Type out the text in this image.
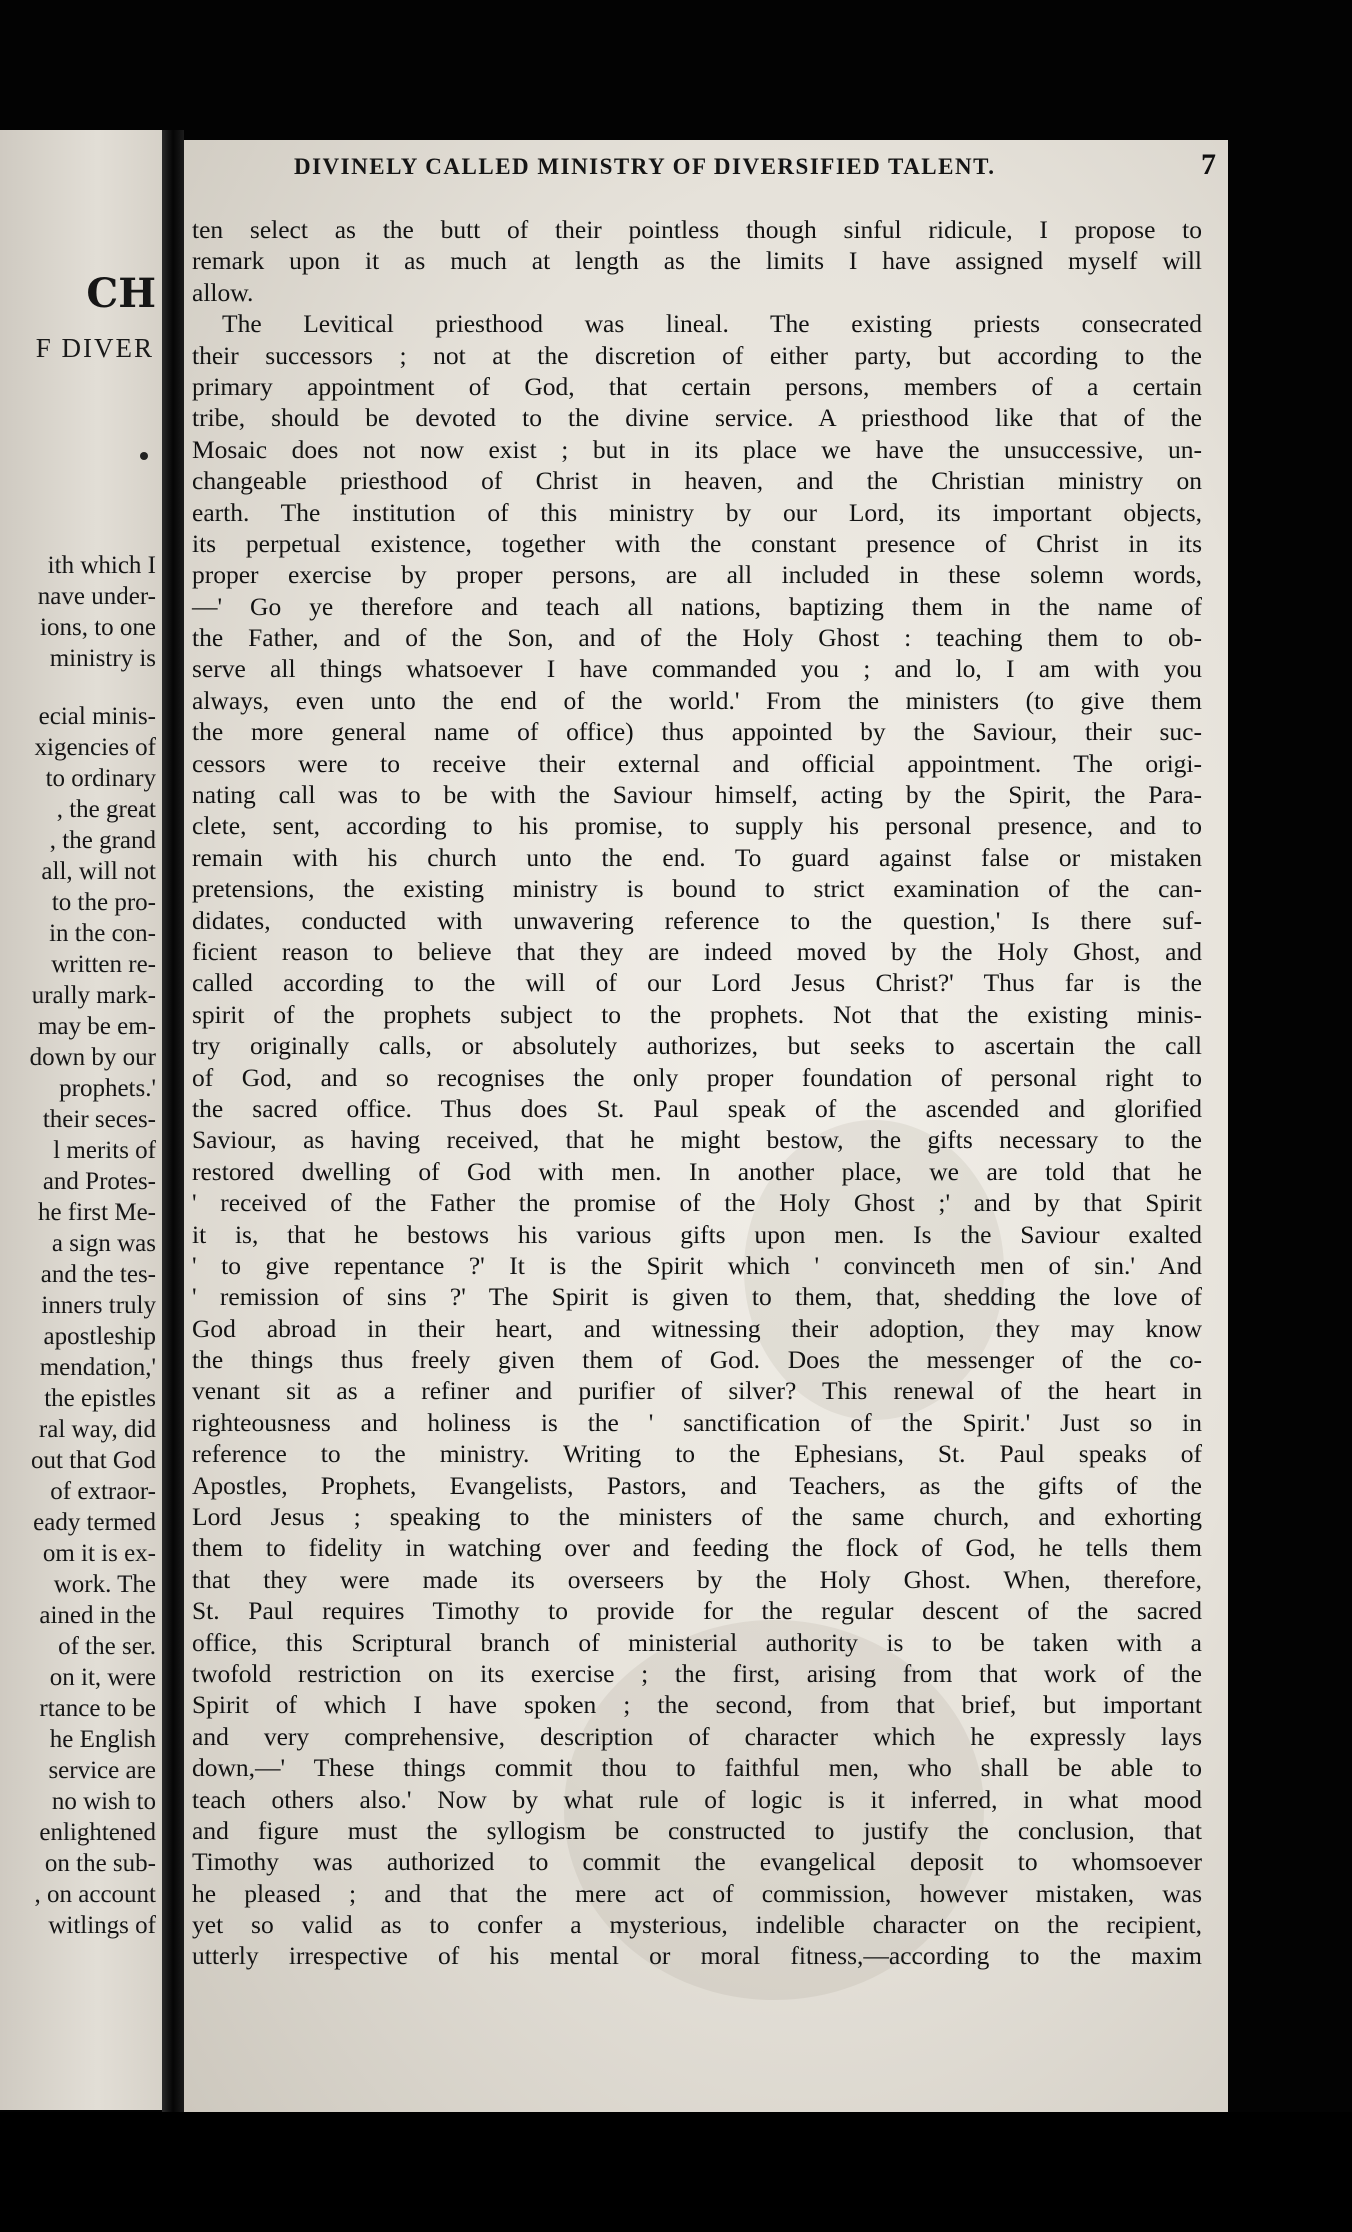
CH
F DIVER
ith which I
nave under-
ions, to one
ministry is
ecial minis-
xigencies of
to ordinary
, the great
, the grand
all, will not
to the pro-
in the con-
written re-
urally mark-
may be em-
down by our
prophets.'
their seces-
l merits of
and Protes-
he first Me-
a sign was
and the tes-
inners truly
apostleship
mendation,'
the epistles
ral way, did
out that God
of extraor-
eady termed
om it is ex-
work. The
ained in the
of the ser.
on it, were
rtance to be
he English
service are
no wish to
enlightened
on the sub-
, on account
witlings of
DIVINELY CALLED MINISTRY OF DIVERSIFIED TALENT.	7
ten select as the butt of their pointless though sinful ridicule, I propose to
remark upon it as much at length as the limits I have assigned myself will
allow.
The Levitical priesthood was lineal. The existing priests consecrated
their successors ; not at the discretion of either party, but according to the
primary appointment of God, that certain persons, members of a certain
tribe, should be devoted to the divine service. A priesthood like that of the
Mosaic does not now exist ; but in its place we have the unsuccessive, un-
changeable priesthood of Christ in heaven, and the Christian ministry on
earth. The institution of this ministry by our Lord, its important objects,
its perpetual existence, together with the constant presence of Christ in its
proper exercise by proper persons, are all included in these solemn words,
—' Go ye therefore and teach all nations, baptizing them in the name of
the Father, and of the Son, and of the Holy Ghost : teaching them to ob-
serve all things whatsoever I have commanded you ; and lo, I am with you
always, even unto the end of the world.' From the ministers (to give them
the more general name of office) thus appointed by the Saviour, their suc-
cessors were to receive their external and official appointment. The origi-
nating call was to be with the Saviour himself, acting by the Spirit, the Para-
clete, sent, according to his promise, to supply his personal presence, and to
remain with his church unto the end. To guard against false or mistaken
pretensions, the existing ministry is bound to strict examination of the can-
didates, conducted with unwavering reference to the question,' Is there suf-
ficient reason to believe that they are indeed moved by the Holy Ghost, and
called according to the will of our Lord Jesus Christ?' Thus far is the
spirit of the prophets subject to the prophets. Not that the existing minis-
try originally calls, or absolutely authorizes, but seeks to ascertain the call
of God, and so recognises the only proper foundation of personal right to
the sacred office. Thus does St. Paul speak of the ascended and glorified
Saviour, as having received, that he might bestow, the gifts necessary to the
restored dwelling of God with men. In another place, we are told that he
' received of the Father the promise of the Holy Ghost ;' and by that Spirit
it is, that he bestows his various gifts upon men. Is the Saviour exalted
' to give repentance ?' It is the Spirit which ' convinceth men of sin.' And
' remission of sins ?' The Spirit is given to them, that, shedding the love of
God abroad in their heart, and witnessing their adoption, they may know
the things thus freely given them of God. Does the messenger of the co-
venant sit as a refiner and purifier of silver? This renewal of the heart in
righteousness and holiness is the ' sanctification of the Spirit.' Just so in
reference to the ministry. Writing to the Ephesians, St. Paul speaks of
Apostles, Prophets, Evangelists, Pastors, and Teachers, as the gifts of the
Lord Jesus ; speaking to the ministers of the same church, and exhorting
them to fidelity in watching over and feeding the flock of God, he tells them
that they were made its overseers by the Holy Ghost. When, therefore,
St. Paul requires Timothy to provide for the regular descent of the sacred
office, this Scriptural branch of ministerial authority is to be taken with a
twofold restriction on its exercise ; the first, arising from that work of the
Spirit of which I have spoken ; the second, from that brief, but important
and very comprehensive, description of character which he expressly lays
down,—' These things commit thou to faithful men, who shall be able to
teach others also.' Now by what rule of logic is it inferred, in what mood
and figure must the syllogism be constructed to justify the conclusion, that
Timothy was authorized to commit the evangelical deposit to whomsoever
he pleased ; and that the mere act of commission, however mistaken, was
yet so valid as to confer a mysterious, indelible character on the recipient,
utterly irrespective of his mental or moral fitness,—according to the maxim
